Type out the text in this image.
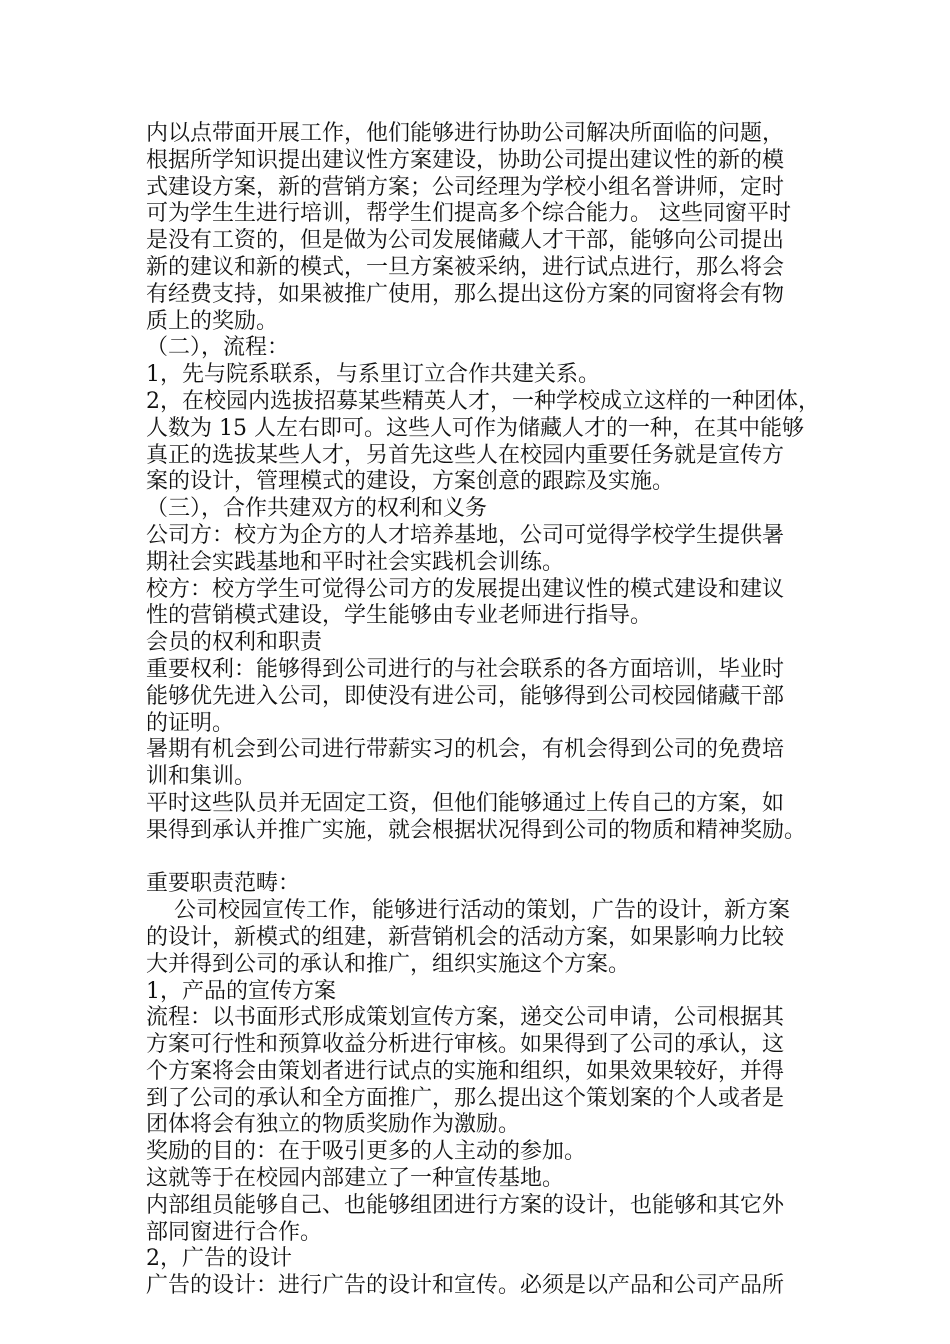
内以点带面开展工作，他们能够进行协助公司解决所面临的问题，
根据所学知识提出建议性方案建设，协助公司提出建议性的新的模
式建设方案，新的营销方案；公司经理为学校小组名誉讲师，定时
可为学生生进行培训，帮学生们提高多个综合能力。 这些同窗平时
是没有工资的，但是做为公司发展储藏人才干部，能够向公司提出
新的建议和新的模式，一旦方案被采纳，进行试点进行，那么将会
有经费支持，如果被推广使用，那么提出这份方案的同窗将会有物
质上的奖励。
（二），流程：
1，先与院系联系，与系里订立合作共建关系。
2，在校园内选拔招募某些精英人才，一种学校成立这样的一种团体，
人数为 15 人左右即可。这些人可作为储藏人才的一种，在其中能够
真正的选拔某些人才，另首先这些人在校园内重要任务就是宣传方
案的设计，管理模式的建设，方案创意的跟踪及实施。
（三），合作共建双方的权利和义务
公司方：校方为企方的人才培养基地，公司可觉得学校学生提供暑
期社会实践基地和平时社会实践机会训练。
校方：校方学生可觉得公司方的发展提出建议性的模式建设和建议
性的营销模式建设，学生能够由专业老师进行指导。
会员的权利和职责
重要权利：能够得到公司进行的与社会联系的各方面培训，毕业时
能够优先进入公司，即使没有进公司，能够得到公司校园储藏干部
的证明。
暑期有机会到公司进行带薪实习的机会，有机会得到公司的免费培
训和集训。
平时这些队员并无固定工资，但他们能够通过上传自己的方案，如
果得到承认并推广实施，就会根据状况得到公司的物质和精神奖励。
重要职责范畴：
公司校园宣传工作，能够进行活动的策划，广告的设计，新方案
的设计，新模式的组建，新营销机会的活动方案，如果影响力比较
大并得到公司的承认和推广，组织实施这个方案。
1，产品的宣传方案
流程：以书面形式形成策划宣传方案，递交公司申请，公司根据其
方案可行性和预算收益分析进行审核。如果得到了公司的承认，这
个方案将会由策划者进行试点的实施和组织，如果效果较好，并得
到了公司的承认和全方面推广，那么提出这个策划案的个人或者是
团体将会有独立的物质奖励作为激励。
奖励的目的：在于吸引更多的人主动的参加。
这就等于在校园内部建立了一种宣传基地。
内部组员能够自己、也能够组团进行方案的设计，也能够和其它外
部同窗进行合作。
2，广告的设计
广告的设计：进行广告的设计和宣传。必须是以产品和公司产品所
